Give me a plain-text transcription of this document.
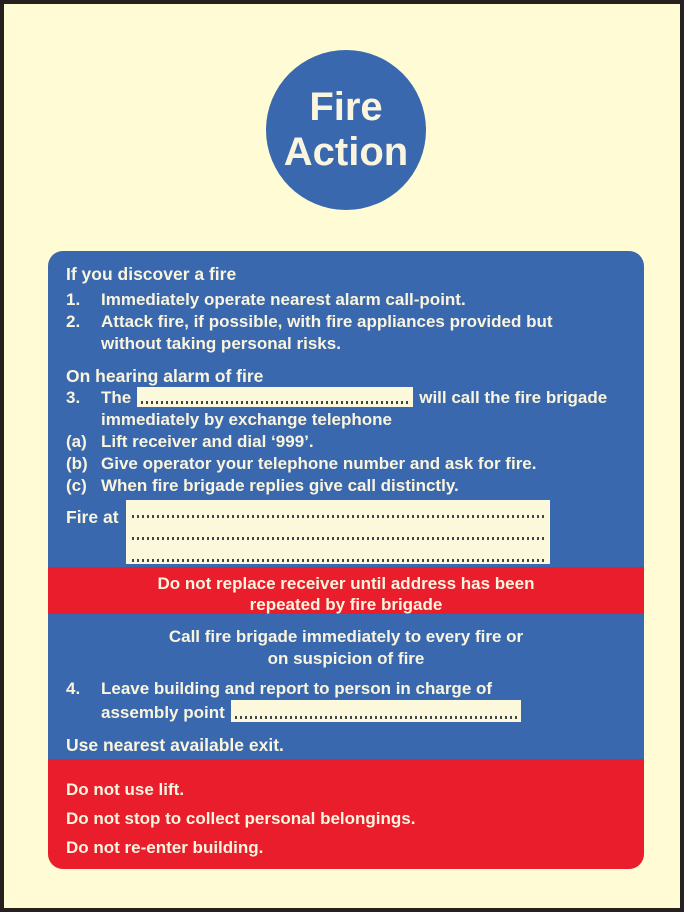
Fire
Action
If you discover a fire
1.	Immediately operate nearest alarm call-point.
2.	Attack fire, if possible, with fire appliances provided but without taking personal risks.
On hearing alarm of fire
3.	The	will call the fire brigade
immediately by exchange telephone
(a) Lift receiver and dial ‘999’.
(b) Give operator your telephone number and ask for fire.
(c) When fire brigade replies give call distinctly.
Fire at
Do not replace receiver until address has been
repeated by fire brigade
Call fire brigade immediately to every fire or
on suspicion of fire
4.	Leave building and report to person in charge of
assembly point
Use nearest available exit.
Do not use lift.
Do not stop to collect personal belongings.
Do not re-enter building.
